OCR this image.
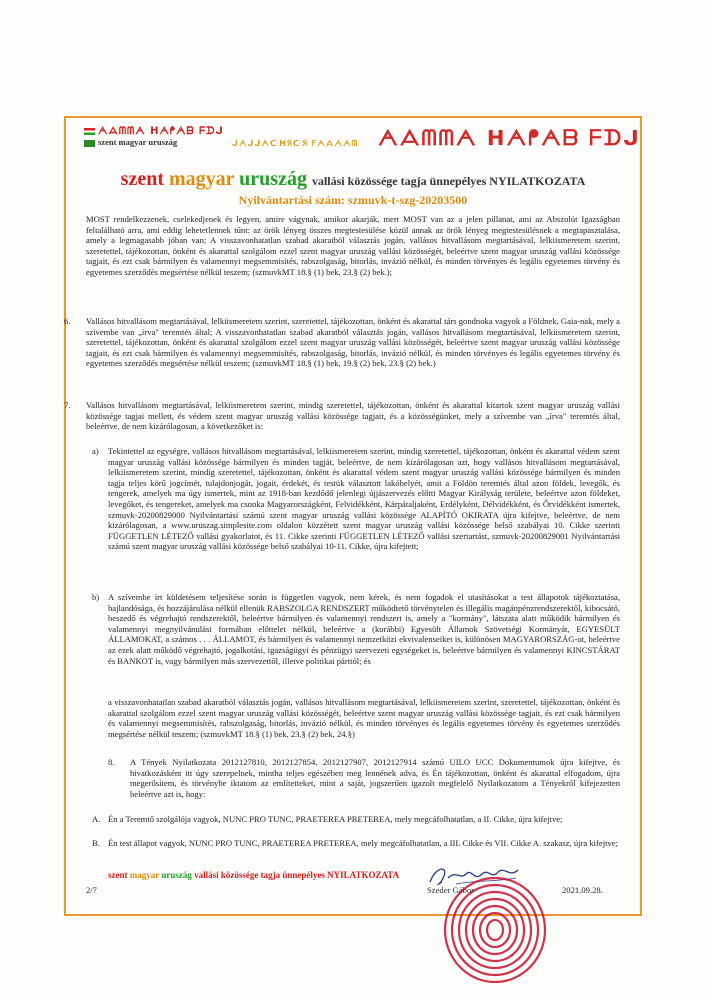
ᗅᗋᗰᗰᗅ ᕼᗅᖰᗅᗷ ᖴᗪᒍ
szent magyar uruszág	ᒍᗅᒍᒍᗅᑢᕼᖆᑢᖆ ᖴᗅᗋᗅᗅᗰ ᗅᗋᗰᗰᗅ ᕼᗅᖰᗅᗷ ᖴᗪᒍ
szent magyar uruszág vallási közössége tagja ünnepélyes NYILATKOZATA
Nyilvántartási szám: szmuvk-t-szg-20203500
MOST rendelkezzenek, cselekedjenek és legyen, amire vágynak, amikor akarják, mert MOST van az a jelen pillanat, ami az Abszolút Igazságban feltalálható arra, ami eddig lehetetlennek tűnt: az örök lényeg összes megtestesülése közül annak az örök lényeg megtestesülésnek a megtapasztalása, amely a legmagasabb jóban van; A visszavonhatatlan szabad akaratból választás jogán, vallásos hitvallásom megtartásával, lelkiismeretem szerint, szeretettel, tájékozottan, önként és akarattal szolgálom ezzel szent magyar uruszág vallási közösségét, beleértve szent magyar uruszág vallási közössége tagjait, és ezt csak bármilyen és valamennyi megsemmisítés, rabszolgaság, bitorlás, invázió nélkül, és minden törvényes és legális egyetemes törvény és egyetemes szerződés megsértése nélkül teszem; (szmuvkMT 18.§ (1) bek, 23.§ (2) bek.);
6. Vallásos hitvallásom megtartásával, lelkiismeretem szerint, szeretettel, tájékozottan, önként és akarattal társ gondnoka vagyok a Földnek, Gaia-nak, mely a szívembe van „írva" teremtés által; A visszavonhatatlan szabad akaratból választás jogán, vallásos hitvallásom megtartásával, lelkiismeretem szerint, szeretettel, tájékozottan, önként és akarattal szolgálom ezzel szent magyar uruszág vallási közösségét, beleértve szent magyar uruszág vallási közössége tagjait, és ezt csak bármilyen és valamennyi megsemmisítés, rabszolgaság, bitorlás, invázió nélkül, és minden törvényes és legális egyetemes törvény és egyetemes szerződés megsértése nélkül teszem; (szmuvkMT 18.§ (1) bek, 19.§ (2) bek, 23.§ (2) bek.)
7. Vallásos hitvallásom megtartásával, lelkiismeretem szerint, mindig szeretettel, tájékozottan, önként és akarattal kitartok szent magyar uruszág vallási közössége tagjai mellett, és védem szent magyar uruszág vallási közössége tagjait, és a közösségünket, mely a szívembe van „írva" teremtés által, beleértve, de nem kizárólagosan, a következőket is:
a) Tekintettel az egységre, vallásos hitvallásom megtartásával, lelkiismeretem szerint, mindig szeretettel, tájékozottan, önként és akarattal védem szent magyar uruszág vallási közössége bármilyen és minden tagját, beleértve, de nem kizárólagosan azt, hogy vallásos hitvallásom megtartásával, lelkiismeretem szerint, mindig szeretettel, tájékozottan, önként és akarattal védem szent magyar uruszág vallási közössége bármilyen és minden tagja teljes körű jogcímét, tulajdonjogát, jogait, érdekét, és testük választott lakóhelyét, amit a Földön teremtés által azon földek, levegők, és tengerek, amelyek ma úgy ismertek, mint az 1918-ban kezdődő jelenlegi újjászervezés előtti Magyar Királyság területe, beleértve azon földeket, levegőket, és tengereket, amelyek ma csonka Magyarországként, Felvidékként, Kárpátaljaként, Erdélyként, Délvidékként, és Őrvidékként ismertek, szmuvk-20200829000 Nyilvántartási számú szent magyar uruszág vallási közössége ALAPÍTÓ OKIRATA újra kifejtve, beleértve, de nem kizárólagosan, a www.uruszag.simplesite.com oldalon közzétett szent magyar uruszág vallási közössége belső szabályai 10. Cikke szerinti FÜGGETLEN LÉTEZŐ vallási gyakorlatot, és 11. Cikke szerinti FÜGGETLEN LÉTEZŐ vallási szertartást, szmuvk-20200829001 Nyilvántartási számú szent magyar uruszág vallási közössége belső szabályai 10-11. Cikke, újra kifejtett;
b) A szívembe írt küldetésem teljesítése során is független vagyok, nem kérek, és nem fogadok el utasításokat a test állapotok tájékoztatása, hajlandósága, és hozzájárulása nélkül ellenük RABSZOLGA RENDSZERT működtető törvénytelen és illegális magánpénzrendszerektől, kibocsátó, beszedő és végrehajtó rendszerektől, beleértve bármilyen és valamennyi rendszert is, amely a "kormány", látszata alatt működik bármilyen és valamennyi megnyilvánulási formában előttelet nélkül, beleértve a (korábbi) Egyesült Államok Szövetségi Kormányát, EGYESÜLT ÁLLAMOKAT, a számos . . . ÁLLAMOT, és bármilyen és valamennyi nemzetközi ekvivalenseiket is, különösen MAGYARORSZÁG-ot, beleértve az ezek alatt működő végrehajtó, jogalkotási, igazságügyi és pénzügyi szervezeti egységeket is, beleértve bármilyen és valamennyi KINCSTÁRAT és BANKOT is, vagy bármilyen más szervezettől, illetve politikai párttól; és
a visszavonhatatlan szabad akaratból választás jogán, vallásos hitvallásom megtartásával, lelkiismeretem szerint, szeretettel, tájékozottan, önként és akarattal szolgálom ezzel szent magyar uruszág vallási közösségét, beleértve szent magyar uruszág vallási közössége tagjait, és ezt csak bármilyen és valamennyi megsemmisítés, rabszolgaság, bitorlás, invázió nélkül, és minden törvényes és legális egyetemes törvény és egyetemes szerződés megsértése nélkül teszem; (szmuvkMT 18.§ (1) bek, 23.§ (2) bek, 24.§)
8. A Tények Nyilatkozata 2012127810, 2012127854, 2012127907, 2012127914 számú UILO UCC Dokumentumok újra kifejtve, és hivatkozásként itt úgy szerepelnek, mintha teljes egészében meg lennének adva, és Én tájékozottan, önként és akarattal elfogadom, újra megerősítem, és törvénybe iktatom az említetteket, mint a saját, jogszerűen igazolt megfelelő Nyilatkozatom a Tényekről kifejezetten beleértve azt is, hogy:
A. Én a Teremtő szolgálója vagyok, NUNC PRO TUNC, PRAETEREA PRETEREA, mely megcáfolhatatlan, a II. Cikke, újra kifejtve;
B. Én test állapot vagyok, NUNC PRO TUNC, PRAETEREA PRETEREA, mely megcáfolhatatlan, a III. Cikke és VII. Cikke A. szakasz, újra kifejtve;
szent magyar uruszág vallási közössége tagja ünnepélyes NYILATKOZATA
2/7	Szeder Gábor	2021.09.28.
